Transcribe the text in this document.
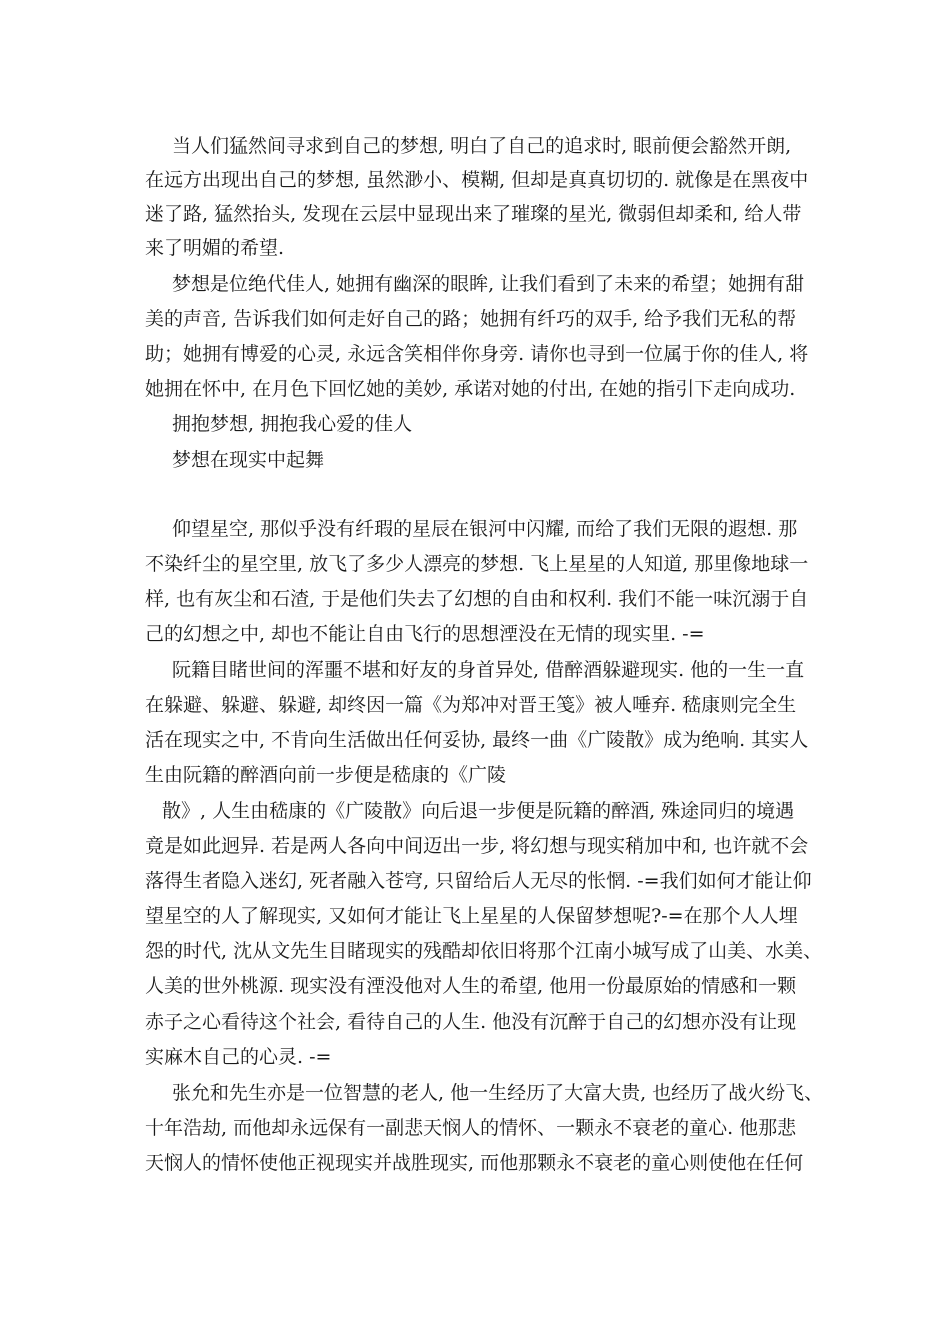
当人们猛然间寻求到自己的梦想, 明白了自己的追求时, 眼前便会豁然开朗,
在远方出现出自己的梦想, 虽然渺小、模糊, 但却是真真切切的. 就像是在黑夜中
迷了路, 猛然抬头, 发现在云层中显现出来了璀璨的星光, 微弱但却柔和, 给人带
来了明媚的希望.
梦想是位绝代佳人, 她拥有幽深的眼眸, 让我们看到了未来的希望；她拥有甜
美的声音, 告诉我们如何走好自己的路；她拥有纤巧的双手, 给予我们无私的帮
助；她拥有博爱的心灵, 永远含笑相伴你身旁. 请你也寻到一位属于你的佳人, 将
她拥在怀中, 在月色下回忆她的美妙, 承诺对她的付出, 在她的指引下走向成功.
拥抱梦想, 拥抱我心爱的佳人
梦想在现实中起舞
仰望星空, 那似乎没有纤瑕的星辰在银河中闪耀, 而给了我们无限的遐想. 那
不染纤尘的星空里, 放飞了多少人漂亮的梦想. 飞上星星的人知道, 那里像地球一
样, 也有灰尘和石渣, 于是他们失去了幻想的自由和权利. 我们不能一味沉溺于自
己的幻想之中, 却也不能让自由飞行的思想湮没在无情的现实里. -=
阮籍目睹世间的浑噩不堪和好友的身首异处, 借醉酒躲避现实. 他的一生一直
在躲避、躲避、躲避, 却终因一篇《为郑冲对晋王笺》被人唾弃. 嵇康则完全生
活在现实之中, 不肯向生活做出任何妥协, 最终一曲《广陵散》成为绝响. 其实人
生由阮籍的醉酒向前一步便是嵇康的《广陵
散》, 人生由嵇康的《广陵散》向后退一步便是阮籍的醉酒, 殊途同归的境遇
竟是如此迥异. 若是两人各向中间迈出一步, 将幻想与现实稍加中和, 也许就不会
落得生者隐入迷幻, 死者融入苍穹, 只留给后人无尽的怅惘. -=我们如何才能让仰
望星空的人了解现实, 又如何才能让飞上星星的人保留梦想呢?-=在那个人人埋
怨的时代, 沈从文先生目睹现实的残酷却依旧将那个江南小城写成了山美、水美、
人美的世外桃源. 现实没有湮没他对人生的希望, 他用一份最原始的情感和一颗
赤子之心看待这个社会, 看待自己的人生. 他没有沉醉于自己的幻想亦没有让现
实麻木自己的心灵. -=
张允和先生亦是一位智慧的老人, 他一生经历了大富大贵, 也经历了战火纷飞、
十年浩劫, 而他却永远保有一副悲天悯人的情怀、一颗永不衰老的童心. 他那悲
天悯人的情怀使他正视现实并战胜现实, 而他那颗永不衰老的童心则使他在任何
